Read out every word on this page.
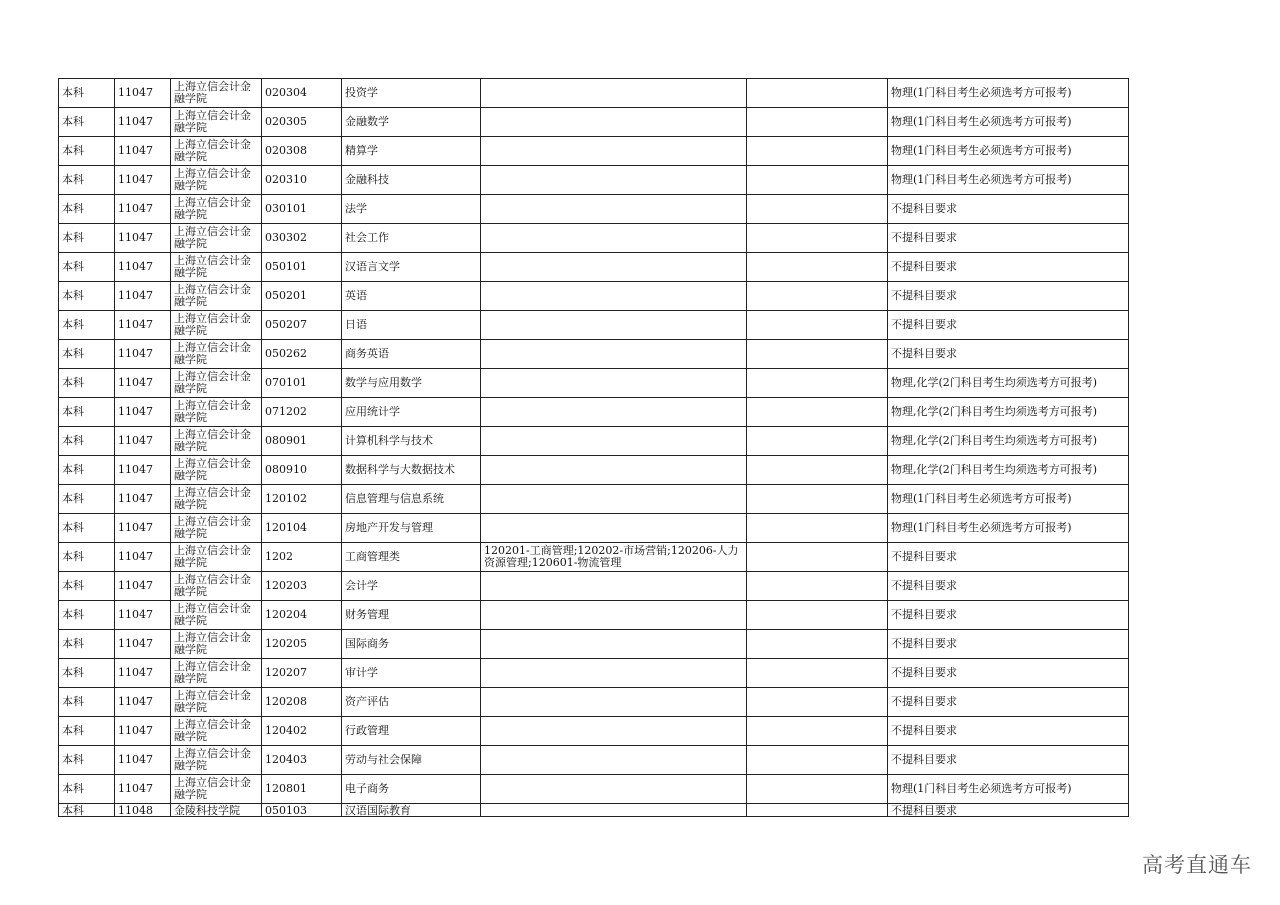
本科	11047	上海立信会计金融学院	020304	投资学			物理(1门科目考生必须选考方可报考)
本科	11047	上海立信会计金融学院	020305	金融数学			物理(1门科目考生必须选考方可报考)
本科	11047	上海立信会计金融学院	020308	精算学			物理(1门科目考生必须选考方可报考)
本科	11047	上海立信会计金融学院	020310	金融科技			物理(1门科目考生必须选考方可报考)
本科	11047	上海立信会计金融学院	030101	法学			不提科目要求
本科	11047	上海立信会计金融学院	030302	社会工作			不提科目要求
本科	11047	上海立信会计金融学院	050101	汉语言文学			不提科目要求
本科	11047	上海立信会计金融学院	050201	英语			不提科目要求
本科	11047	上海立信会计金融学院	050207	日语			不提科目要求
本科	11047	上海立信会计金融学院	050262	商务英语			不提科目要求
本科	11047	上海立信会计金融学院	070101	数学与应用数学			物理,化学(2门科目考生均须选考方可报考)
本科	11047	上海立信会计金融学院	071202	应用统计学			物理,化学(2门科目考生均须选考方可报考)
本科	11047	上海立信会计金融学院	080901	计算机科学与技术			物理,化学(2门科目考生均须选考方可报考)
本科	11047	上海立信会计金融学院	080910	数据科学与大数据技术			物理,化学(2门科目考生均须选考方可报考)
本科	11047	上海立信会计金融学院	120102	信息管理与信息系统			物理(1门科目考生必须选考方可报考)
本科	11047	上海立信会计金融学院	120104	房地产开发与管理			物理(1门科目考生必须选考方可报考)
本科	11047	上海立信会计金融学院	1202	工商管理类	120201-工商管理;120202-市场营销;120206-人力资源管理;120601-物流管理		不提科目要求
本科	11047	上海立信会计金融学院	120203	会计学			不提科目要求
本科	11047	上海立信会计金融学院	120204	财务管理			不提科目要求
本科	11047	上海立信会计金融学院	120205	国际商务			不提科目要求
本科	11047	上海立信会计金融学院	120207	审计学			不提科目要求
本科	11047	上海立信会计金融学院	120208	资产评估			不提科目要求
本科	11047	上海立信会计金融学院	120402	行政管理			不提科目要求
本科	11047	上海立信会计金融学院	120403	劳动与社会保障			不提科目要求
本科	11047	上海立信会计金融学院	120801	电子商务			物理(1门科目考生必须选考方可报考)
本科	11048	金陵科技学院	050103	汉语国际教育			不提科目要求
高考直通车
